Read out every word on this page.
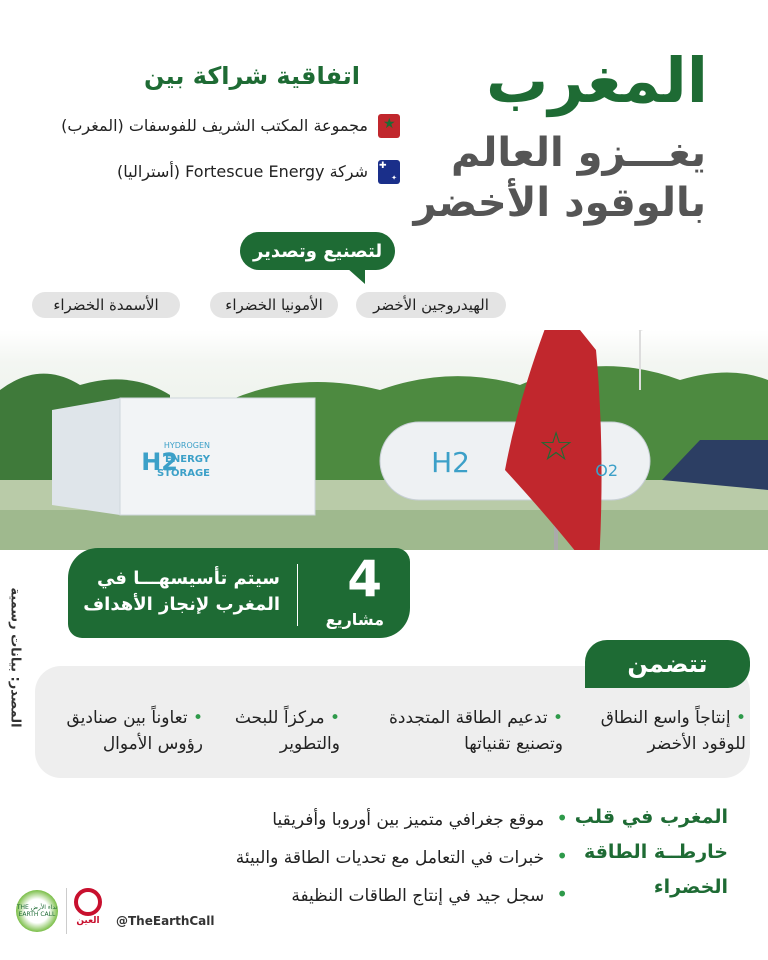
المغرب
يغـــزو العالم
بالوقود الأخضر
اتفاقية شراكة بين
★
مجموعة المكتب الشريف للفوسفات (المغرب)
✚
✦
شركة Fortescue Energy (أستراليا)
لتصنيع وتصدير
الهيدروجين الأخضر
الأمونيا الخضراء
الأسمدة الخضراء
H2
HYDROGEN
ENERGY
STORAGE	H2 ☆
O2
4
مشاريع
سيتم تأسيسهـــا في
المغرب لإنجاز الأهداف
المصدر: بيانات رسمية	تتضمن
• إنتاجاً واسع النطاق
للوقود الأخضر
• تدعيم الطاقة المتجددة
وتصنيع تقنياتها
• مركزاً للبحث
والتطوير
• تعاوناً بين صناديق
رؤوس الأموال
المغرب في قلب
خارطــة الطاقة
الخضراء
•موقع جغرافي متميز بين أوروبا وأفريقيا
•خبرات في التعامل مع تحديات الطاقة والبيئة
•سجل جيد في إنتاج الطاقات النظيفة
نداء الأرض THE EARTH CALL
العين	@TheEarthCall
